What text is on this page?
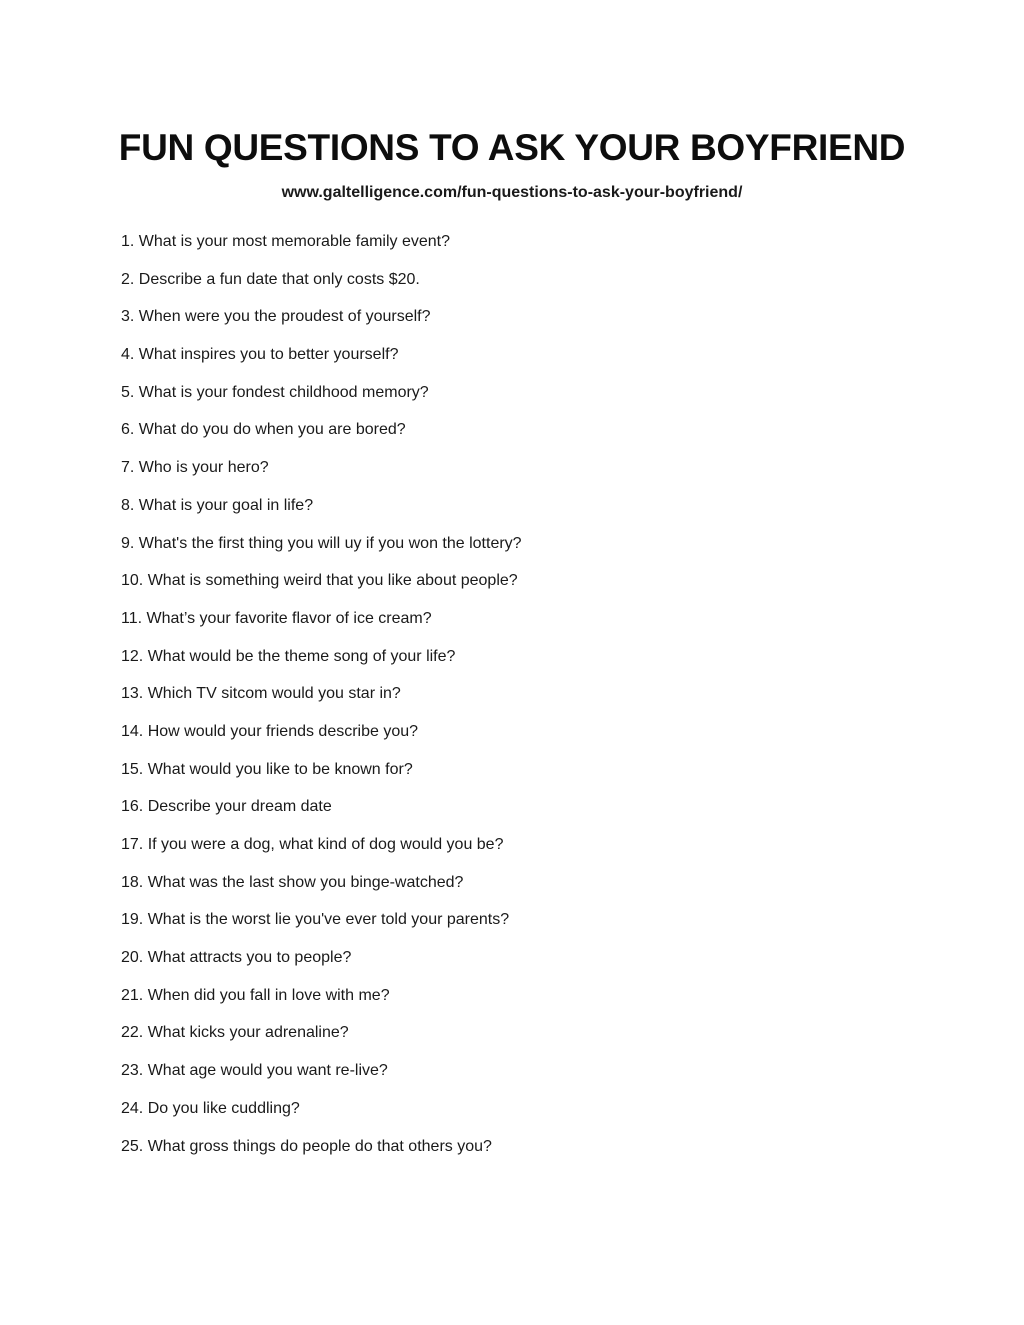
FUN QUESTIONS TO ASK YOUR BOYFRIEND
www.galtelligence.com/fun-questions-to-ask-your-boyfriend/
1. What is your most memorable family event?
2. Describe a fun date that only costs $20.
3. When were you the proudest of yourself?
4. What inspires you to better yourself?
5. What is your fondest childhood memory?
6. What do you do when you are bored?
7. Who is your hero?
8. What is your goal in life?
9. What's the first thing you will uy if you won the lottery?
10. What is something weird that you like about people?
11. What’s your favorite flavor of ice cream?
12. What would be the theme song of your life?
13. Which TV sitcom would you star in?
14. How would your friends describe you?
15. What would you like to be known for?
16. Describe your dream date
17. If you were a dog, what kind of dog would you be?
18. What was the last show you binge-watched?
19. What is the worst lie you've ever told your parents?
20. What attracts you to people?
21. When did you fall in love with me?
22. What kicks your adrenaline?
23. What age would you want re-live?
24. Do you like cuddling?
25. What gross things do people do that others you?
